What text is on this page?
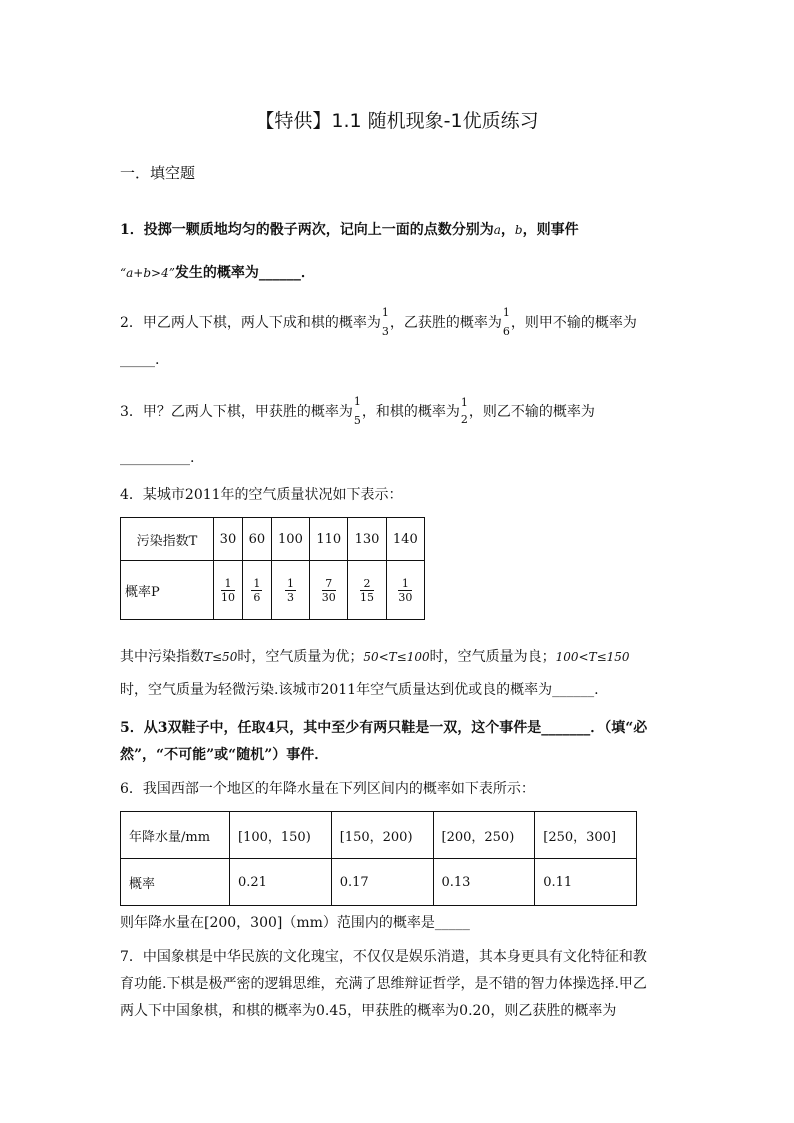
【特供】1.1 随机现象-1优质练习
一．填空题
1．投掷一颗质地均匀的骰子两次，记向上一面的点数分别为a，b，则事件
“a+b>4”发生的概率为______．
2．甲乙两人下棋，两人下成和棋的概率为
1
3
，乙获胜的概率为
1
6
，则甲不输的概率为
_____.
3．甲？乙两人下棋，甲获胜的概率为
1
5
，和棋的概率为
1
2 ，则乙不输的概率为
__________.
4．某城市2011年的空气质量状况如下表示：
污染指数T	30	60	100	110	130	140
概率P	$\frac{1}{10}$	$\frac{1}{6}$	$\frac{1}{3}$	$\frac{7}{30}$	$\frac{2}{15}$	$\frac{1}{30}$
其中污染指数T≤50时，空气质量为优；50<T≤100时，空气质量为良；100<T≤150
时，空气质量为轻微污染.该城市2011年空气质量达到优或良的概率为______.
5．从3双鞋子中，任取4只，其中至少有两只鞋是一双，这个事件是_______．（填“必
然”，“不可能”或“随机”）事件．
6．我国西部一个地区的年降水量在下列区间内的概率如下表所示：
年降水量/mm	[100，150)	[150，200)	[200，250)	[250，300]
概率	0.21	0.17	0.13	0.11
则年降水量在[200，300]（mm）范围内的概率是_____
7．中国象棋是中华民族的文化瑰宝，不仅仅是娱乐消遣，其本身更具有文化特征和教
育功能.下棋是极严密的逻辑思维，充满了思维辩证哲学，是不错的智力体操选择.甲乙
两人下中国象棋，和棋的概率为0.45，甲获胜的概率为0.20，则乙获胜的概率为
